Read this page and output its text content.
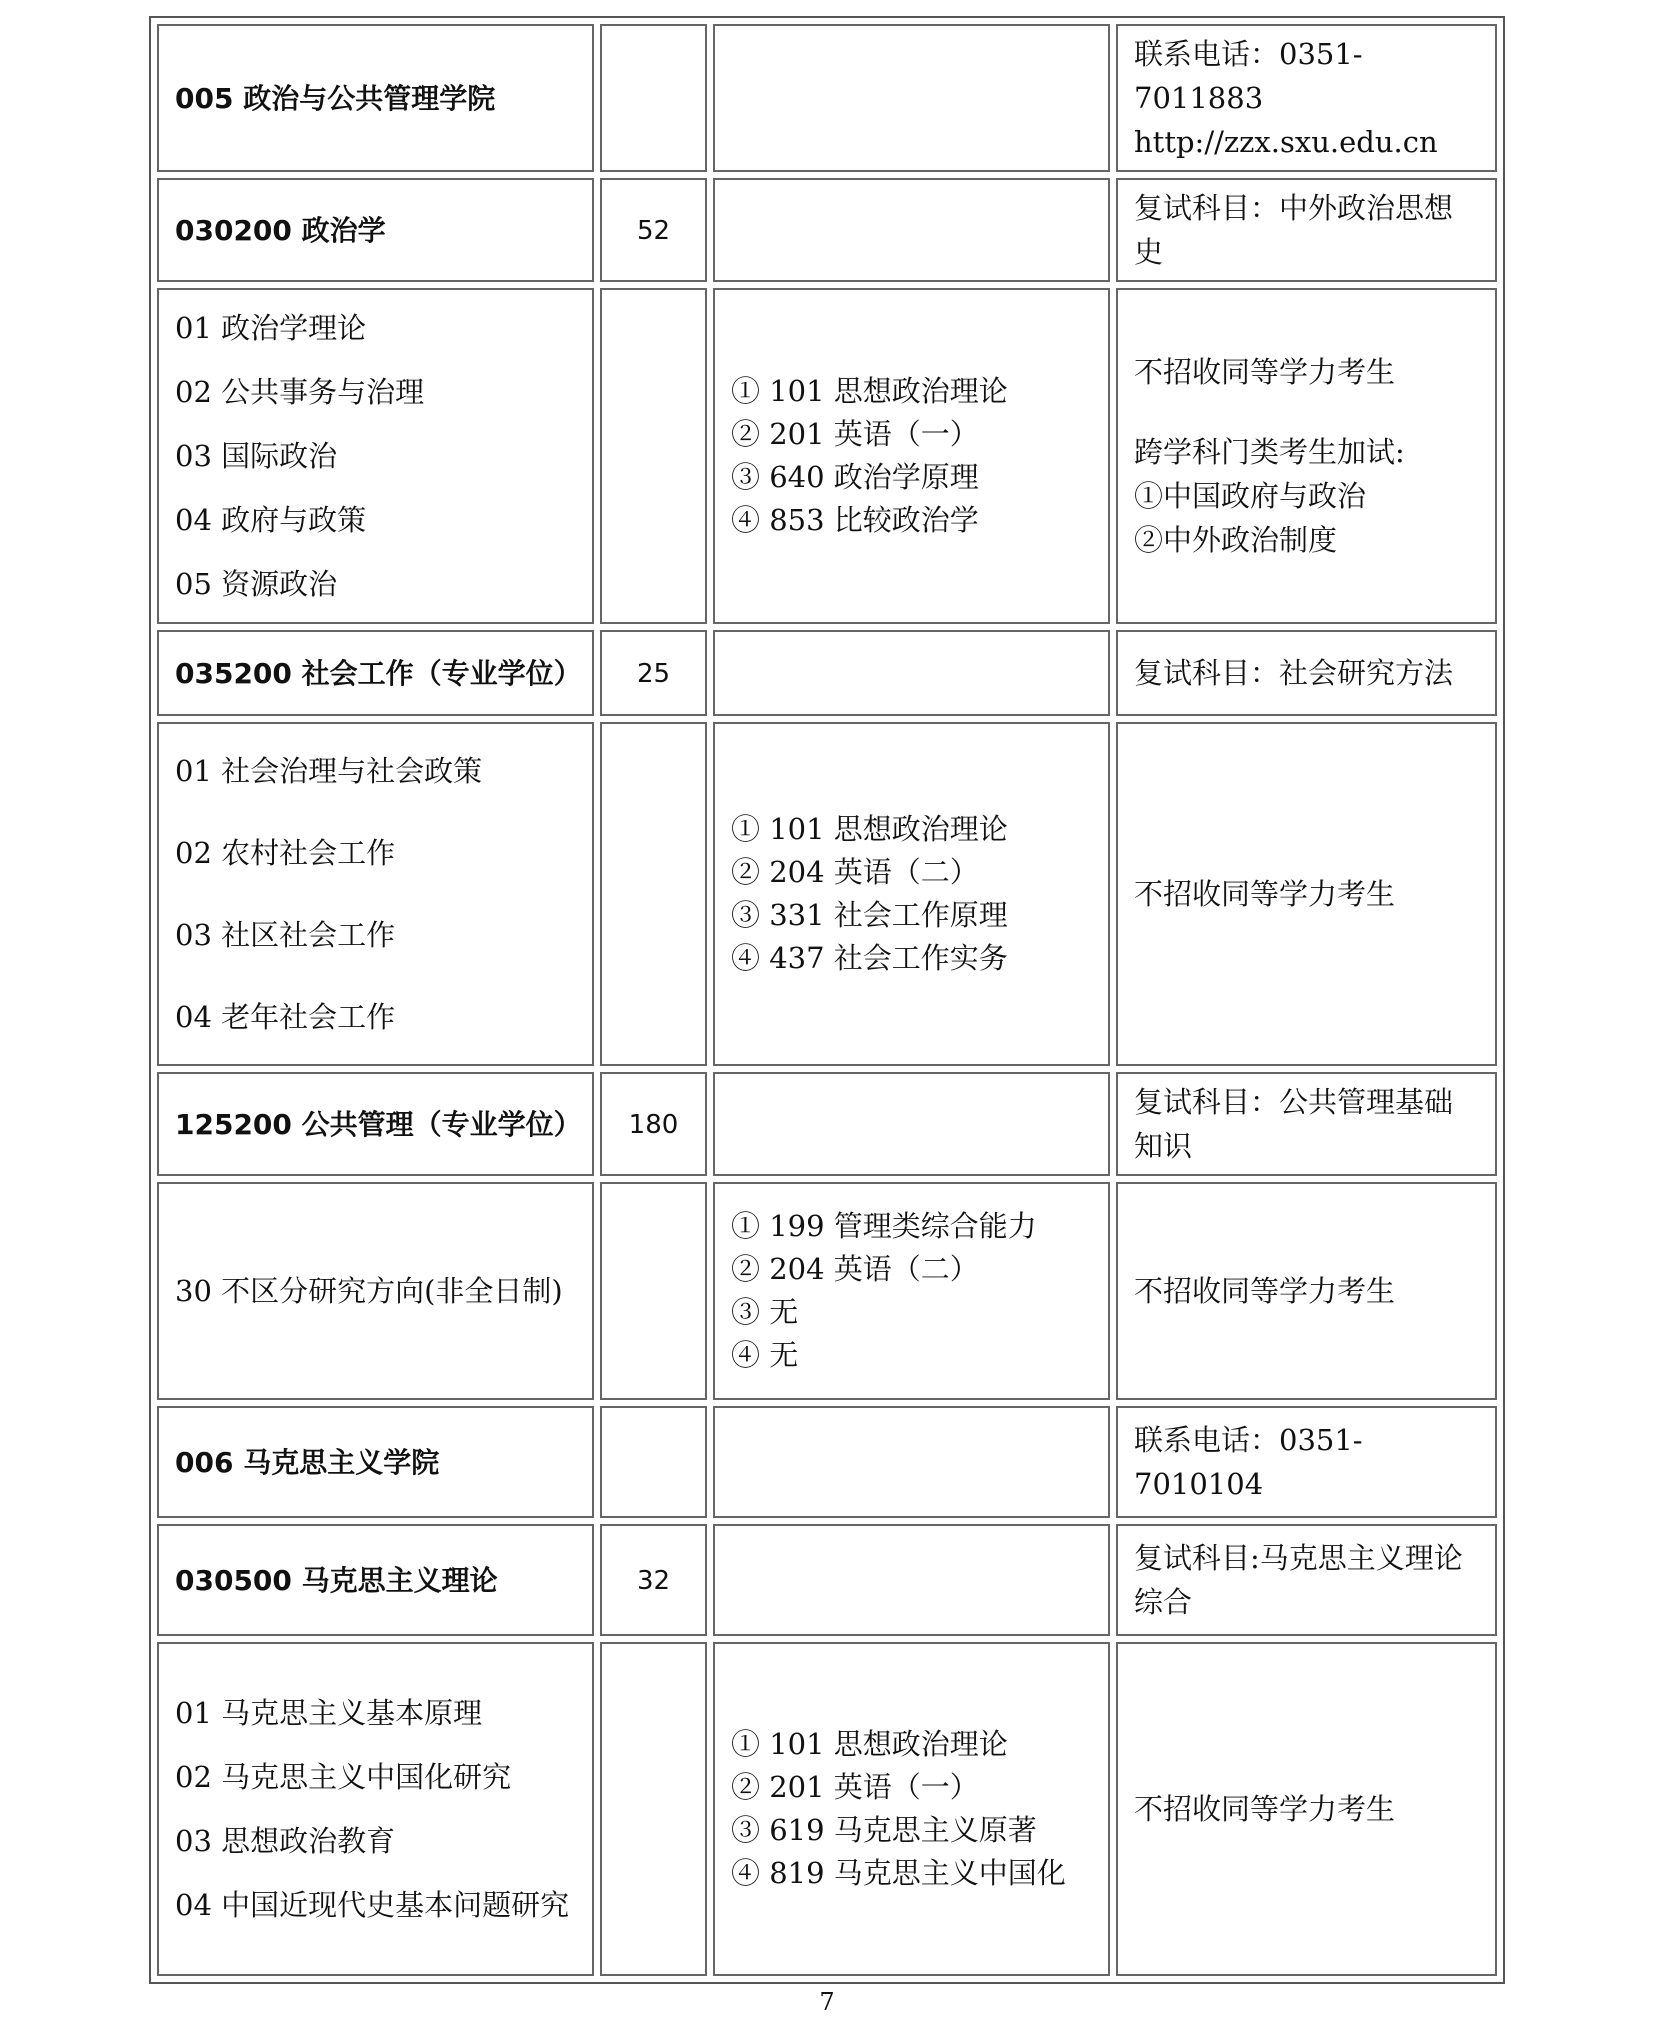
005 政治与公共管理学院			联系电话：0351-7011883
http://zzx.sxu.edu.cn

030200 政治学	52		复试科目：中外政治思想史

01 政治学理论
02 公共事务与治理
03 国际政治
04 政府与政策
05 资源政治		① 101 思想政治理论
② 201 英语（一）
③ 640 政治学原理
④ 853 比较政治学	不招收同等学力考生
跨学科门类考生加试:
①中国政府与政治
②中外政治制度

035200 社会工作（专业学位）	25		复试科目：社会研究方法

01 社会治理与社会政策
02 农村社会工作
03 社区社会工作
04 老年社会工作		① 101 思想政治理论
② 204 英语（二）
③ 331 社会工作原理
④ 437 社会工作实务	不招收同等学力考生
125200 公共管理（专业学位）	180		复试科目：公共管理基础知识

30 不区分研究方向(非全日制)		① 199 管理类综合能力
② 204 英语（二）
③ 无
④ 无	不招收同等学力考生
006 马克思主义学院			联系电话：0351-7010104
030500 马克思主义理论	32		复试科目:马克思主义理论综合

01 马克思主义基本原理
02 马克思主义中国化研究
03 思想政治教育
04 中国近现代史基本问题研究		① 101 思想政治理论
② 201 英语（一）
③ 619 马克思主义原著
④ 819 马克思主义中国化	不招收同等学力考生
7
